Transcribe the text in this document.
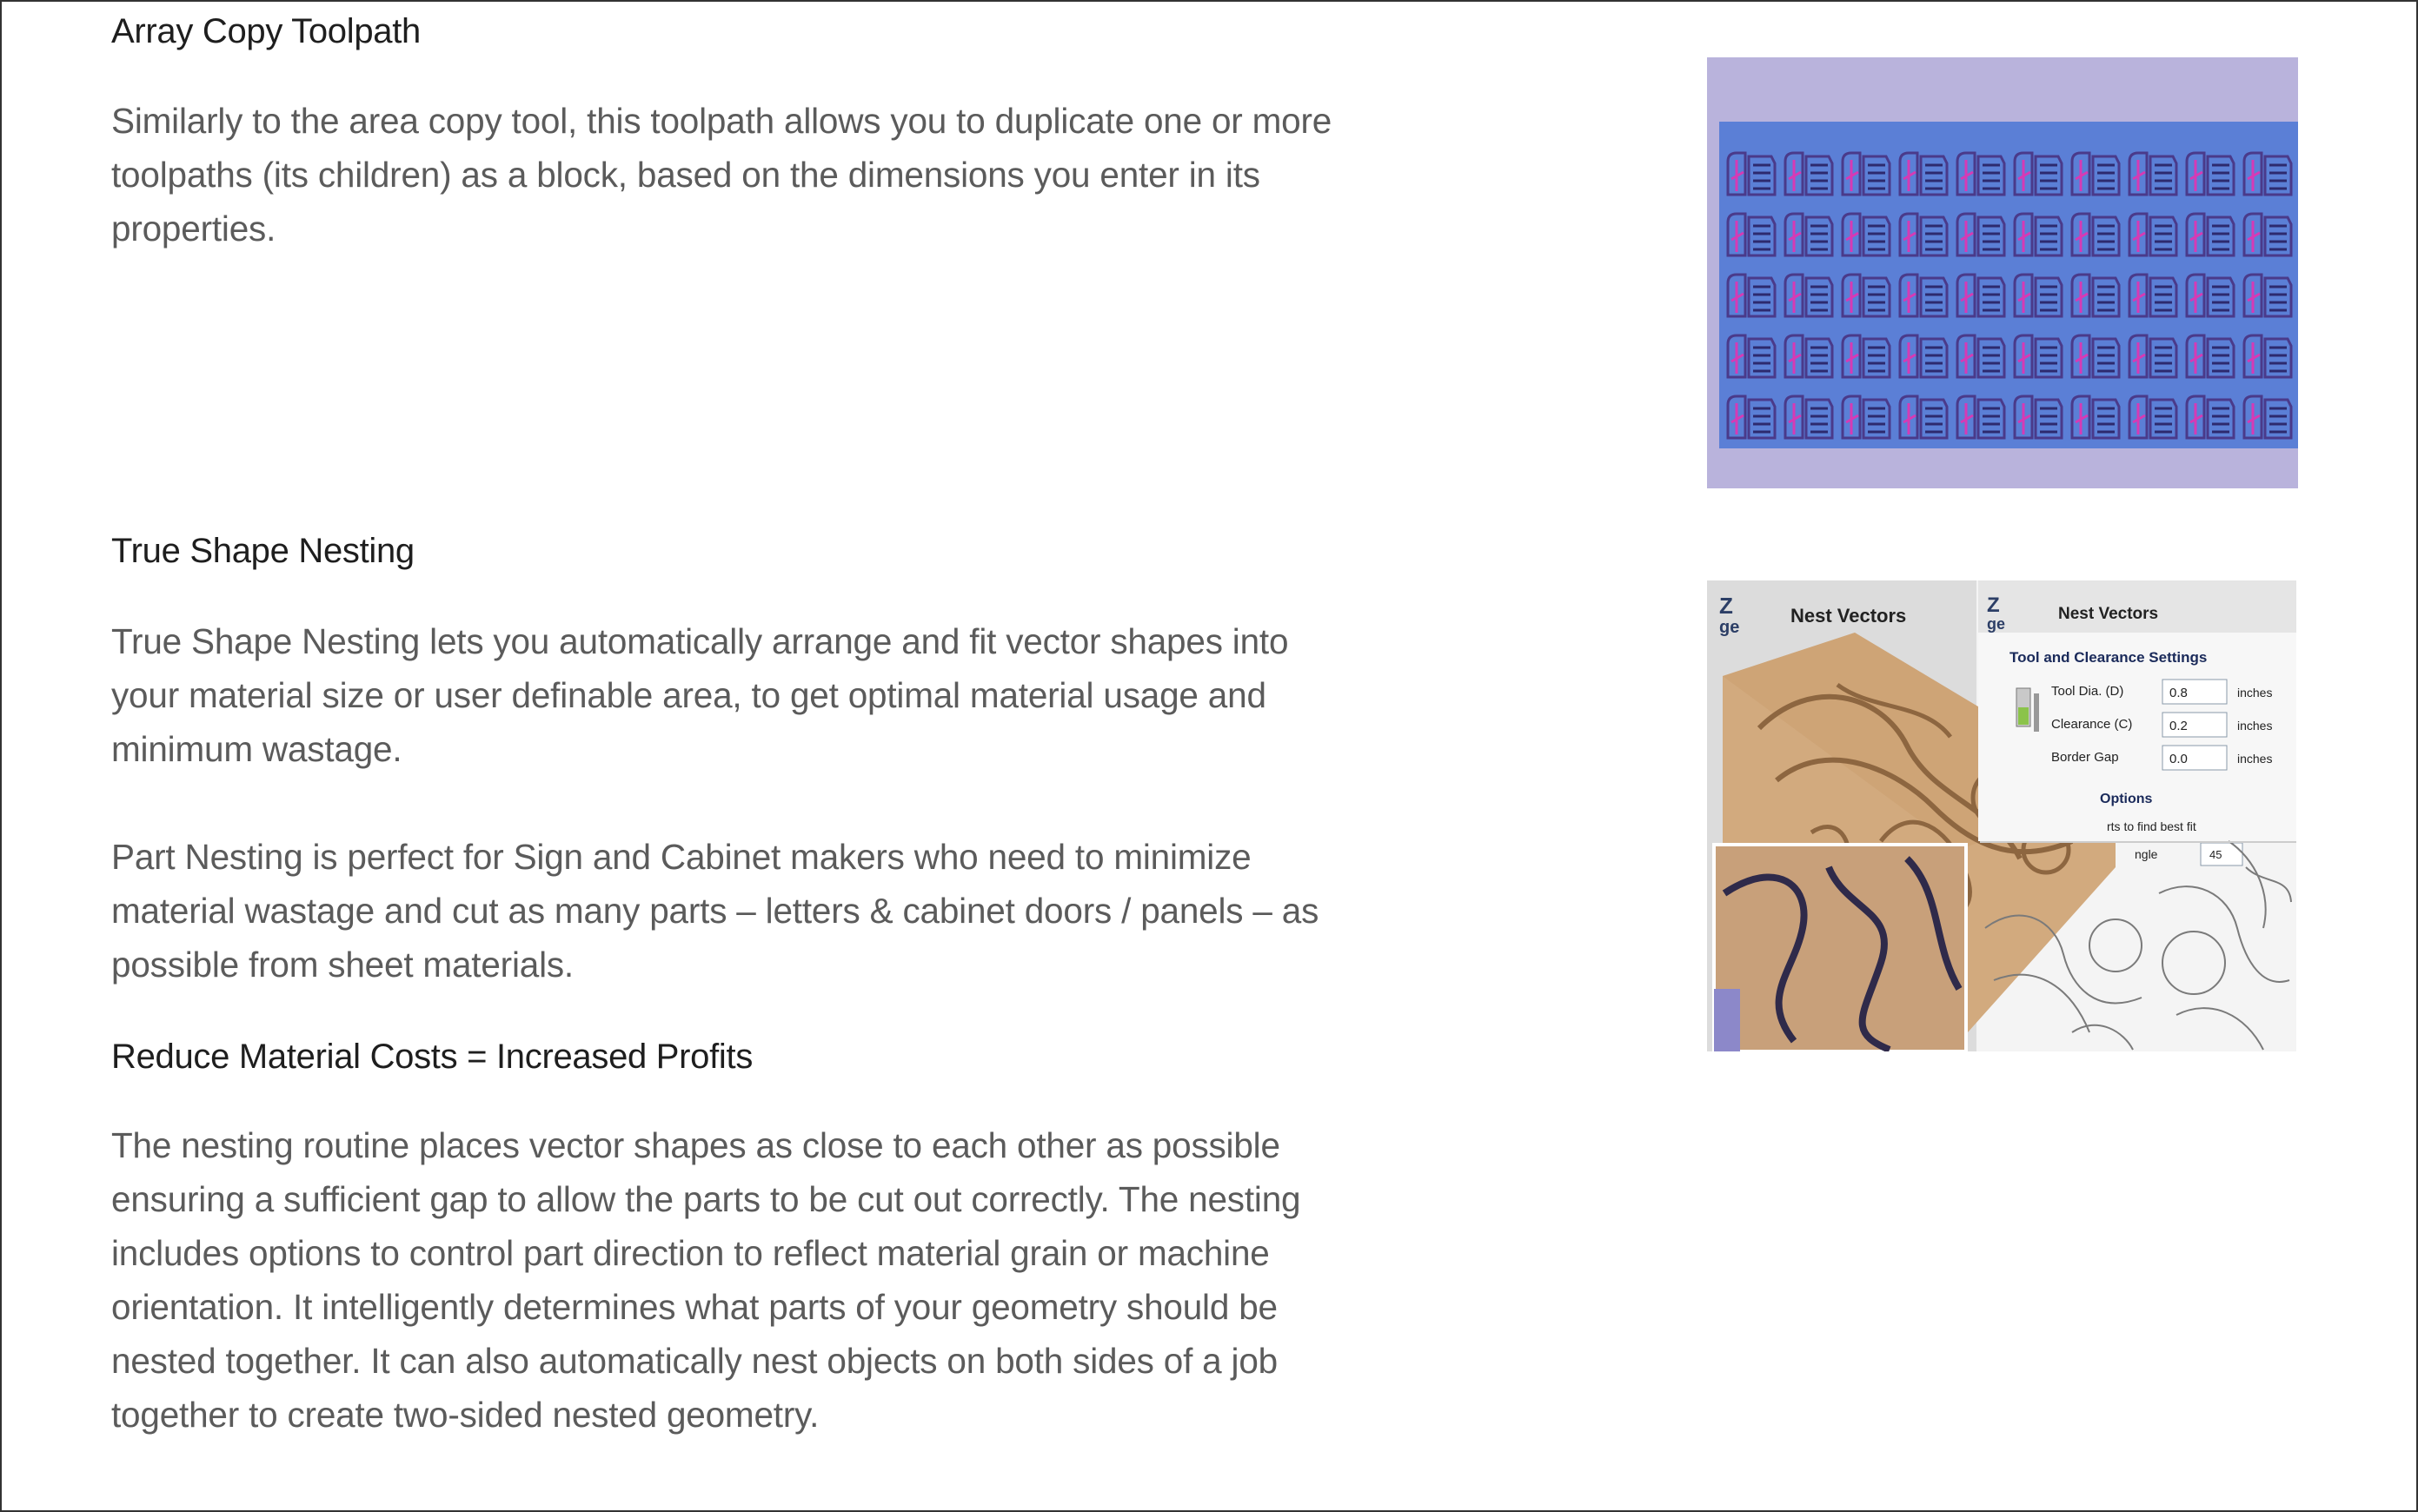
Array Copy Toolpath

Similarly to the area copy tool, this toolpath allows you to duplicate one or more toolpaths (its children) as a block, based on the dimensions you enter in its properties.

True Shape Nesting

True Shape Nesting lets you automatically arrange and fit vector shapes into your material size or user definable area, to get optimal material usage and minimum wastage.

Part Nesting is perfect for Sign and Cabinet makers who need to minimize material wastage and cut as many parts – letters & cabinet doors / panels – as possible from sheet materials.

Z
ge
Nest Vectors	Z
ge
Nest Vectors
Tool and Clearance Settings
Tool Dia. (D)	0.8	inches
Clearance (C)	0.2	inches
Border Gap	0.0	inches
Options
rts to find best fit
ngle	45
Reduce Material Costs = Increased Profits

The nesting routine places vector shapes as close to each other as possible ensuring a sufficient gap to allow the parts to be cut out correctly. The nesting includes options to control part direction to reflect material grain or machine orientation. It intelligently determines what parts of your geometry should be nested together. It can also automatically nest objects on both sides of a job together to create two-sided nested geometry.
